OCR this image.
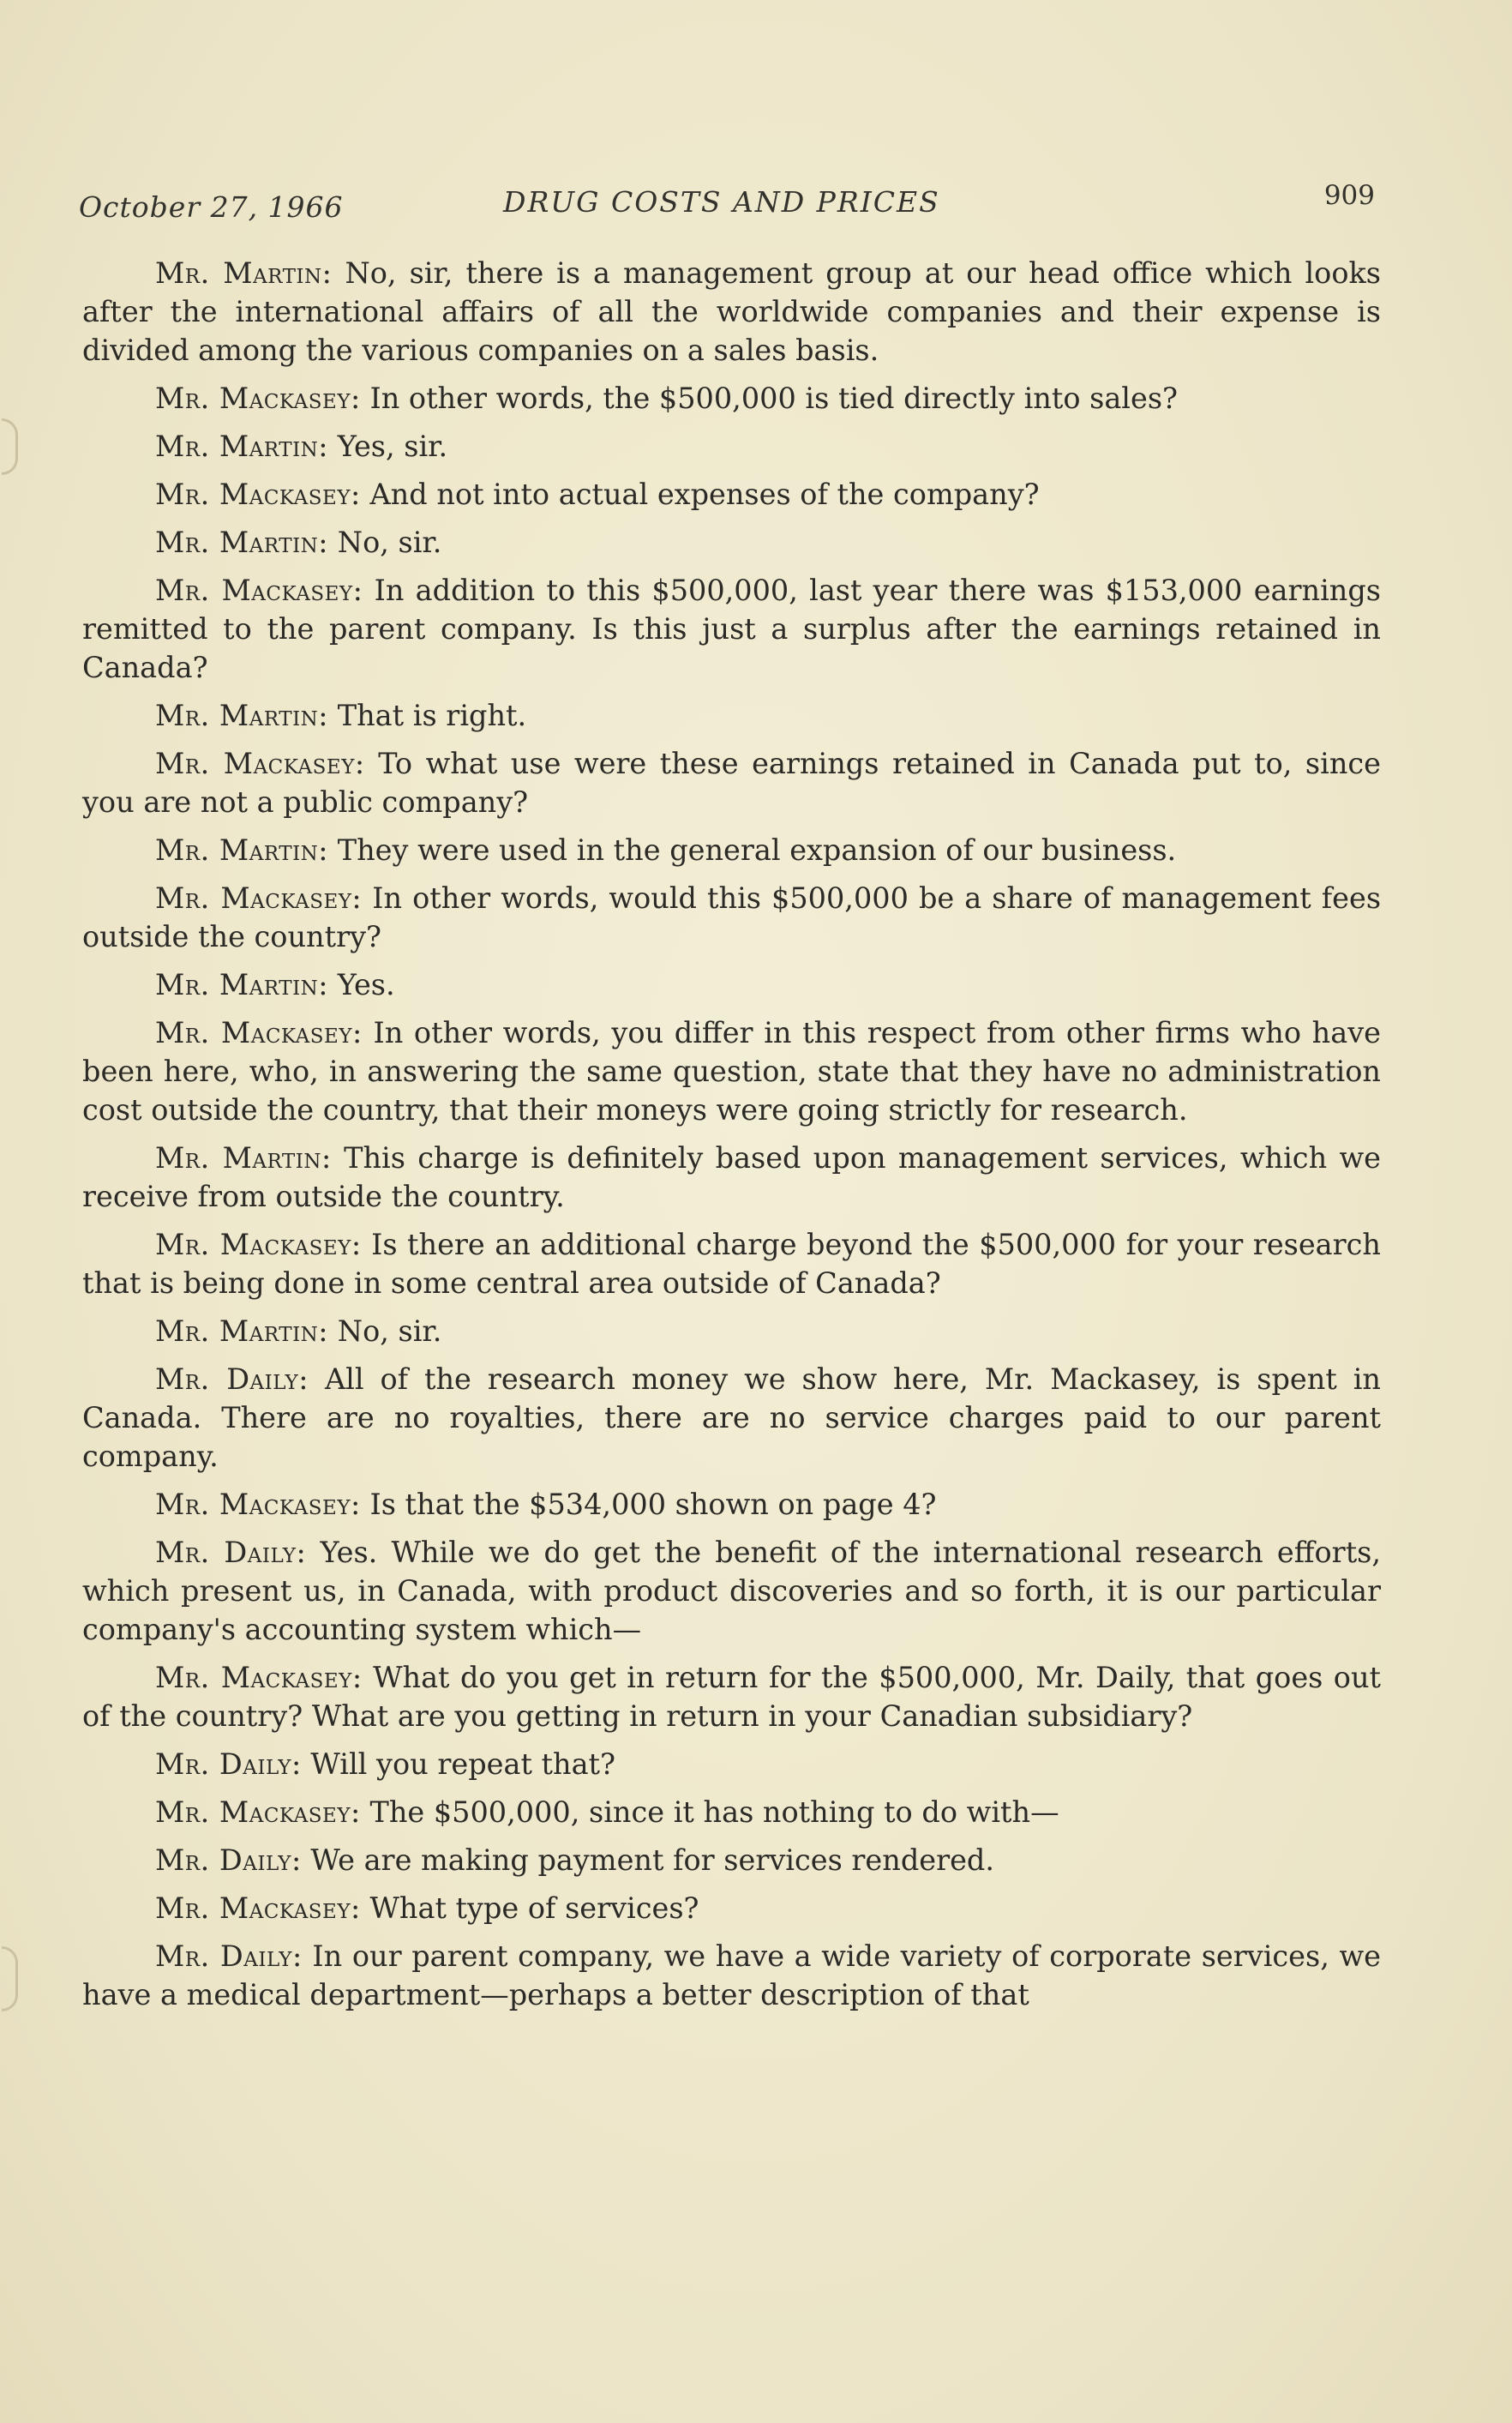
October 27, 1966	DRUG COSTS AND PRICES	909

Mr. Martin: No, sir, there is a management group at our head office which looks after the international affairs of all the worldwide companies and their expense is divided among the various companies on a sales basis.

Mr. Mackasey: In other words, the $500,000 is tied directly into sales?

Mr. Martin: Yes, sir.

Mr. Mackasey: And not into actual expenses of the company?

Mr. Martin: No, sir.

Mr. Mackasey: In addition to this $500,000, last year there was $153,000 earnings remitted to the parent company. Is this just a surplus after the earnings retained in Canada?

Mr. Martin: That is right.

Mr. Mackasey: To what use were these earnings retained in Canada put to, since you are not a public company?

Mr. Martin: They were used in the general expansion of our business.

Mr. Mackasey: In other words, would this $500,000 be a share of management fees outside the country?

Mr. Martin: Yes.

Mr. Mackasey: In other words, you differ in this respect from other firms who have been here, who, in answering the same question, state that they have no administration cost outside the country, that their moneys were going strictly for research.

Mr. Martin: This charge is definitely based upon management services, which we receive from outside the country.

Mr. Mackasey: Is there an additional charge beyond the $500,000 for your research that is being done in some central area outside of Canada?

Mr. Martin: No, sir.

Mr. Daily: All of the research money we show here, Mr. Mackasey, is spent in Canada. There are no royalties, there are no service charges paid to our parent company.

Mr. Mackasey: Is that the $534,000 shown on page 4?

Mr. Daily: Yes. While we do get the benefit of the international research efforts, which present us, in Canada, with product discoveries and so forth, it is our particular company's accounting system which—

Mr. Mackasey: What do you get in return for the $500,000, Mr. Daily, that goes out of the country? What are you getting in return in your Canadian subsidiary?

Mr. Daily: Will you repeat that?

Mr. Mackasey: The $500,000, since it has nothing to do with—

Mr. Daily: We are making payment for services rendered.

Mr. Mackasey: What type of services?

Mr. Daily: In our parent company, we have a wide variety of corporate services, we have a medical department—perhaps a better description of that
